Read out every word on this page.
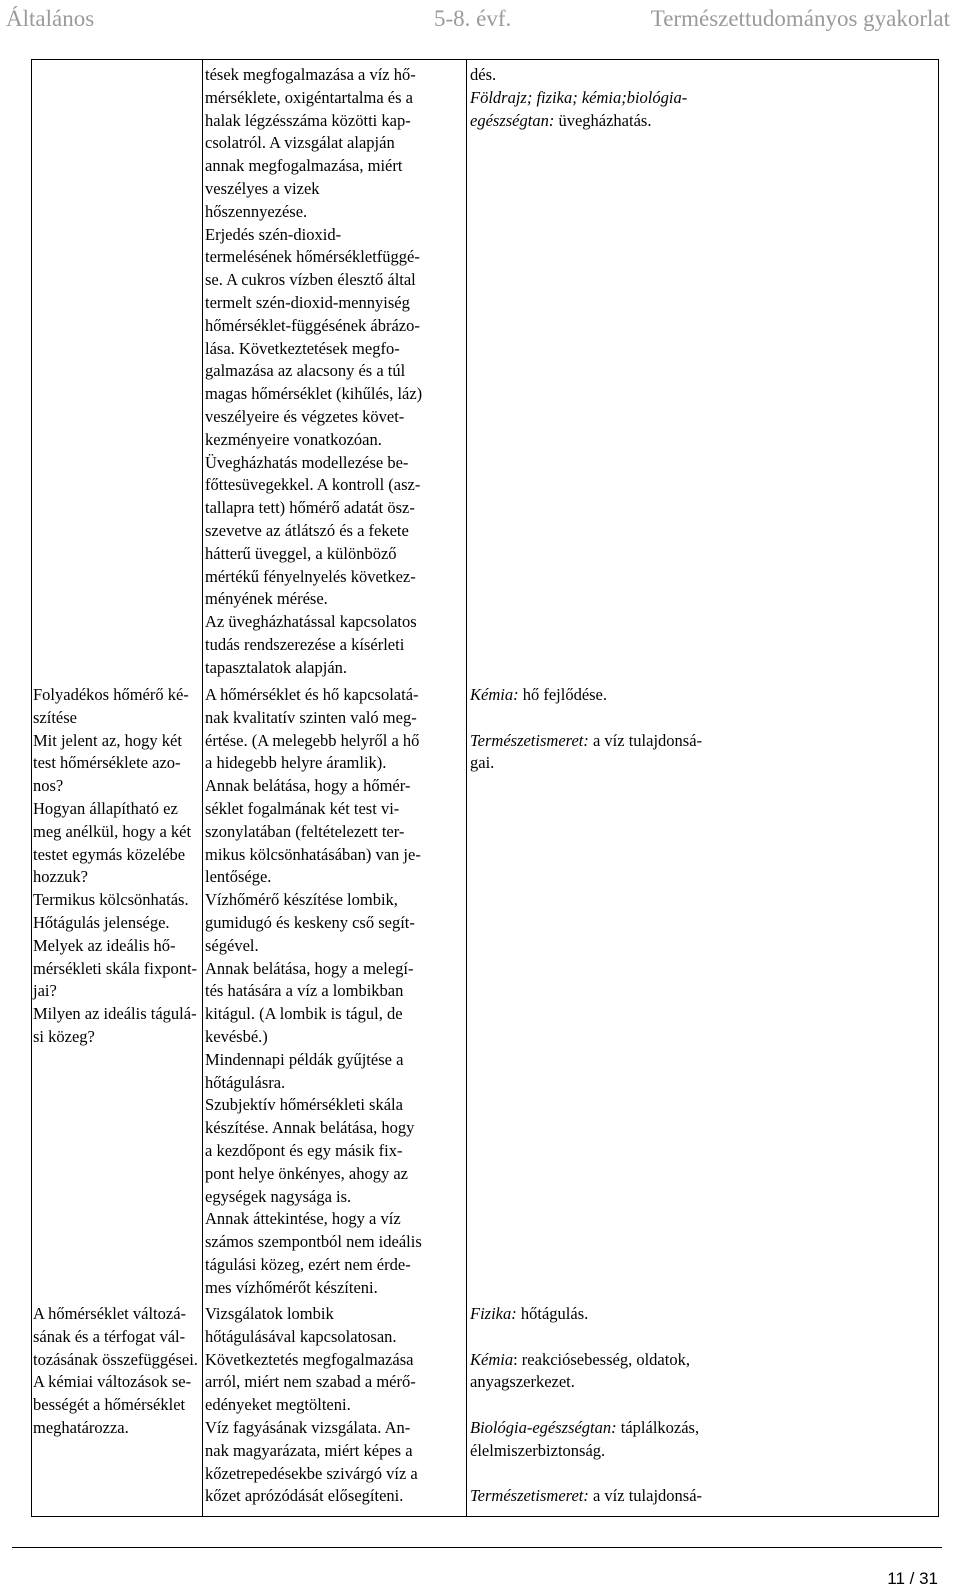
Általános	5-8. évf.	Természettudományos gyakorlat
Folyadékos hőmérő ké-
szítése
Mit jelent az, hogy két
test hőmérséklete azo-
nos?
Hogyan állapítható ez
meg anélkül, hogy a két
testet egymás közelébe
hozzuk?
Termikus kölcsönhatás.
Hőtágulás jelensége.
Melyek az ideális hő-
mérsékleti skála fixpont-
jai?
Milyen az ideális tágulá-
si közeg?
A hőmérséklet változá-
sának és a térfogat vál-
tozásának összefüggései.
A kémiai változások se-
bességét a hőmérséklet
meghatározza.
tések megfogalmazása a víz hő-
mérséklete, oxigéntartalma és a
halak légzésszáma közötti kap-
csolatról. A vizsgálat alapján
annak megfogalmazása, miért
veszélyes a vizek
hőszennyezése.
Erjedés szén-dioxid-
termelésének hőmérsékletfüggé-
se. A cukros vízben élesztő által
termelt szén-dioxid-mennyiség
hőmérséklet-függésének ábrázo-
lása. Következtetések megfo-
galmazása az alacsony és a túl
magas hőmérséklet (kihűlés, láz)
veszélyeire és végzetes követ-
kezményeire vonatkozóan.
Üvegházhatás modellezése be-
főttesüvegekkel. A kontroll (asz-
tallapra tett) hőmérő adatát ösz-
szevetve az átlátszó és a fekete
hátterű üveggel, a különböző
mértékű fényelnyelés következ-
ményének mérése.
Az üvegházhatással kapcsolatos
tudás rendszerezése a kísérleti
tapasztalatok alapján.
A hőmérséklet és hő kapcsolatá-
nak kvalitatív szinten való meg-
értése. (A melegebb helyről a hő
a hidegebb helyre áramlik).
Annak belátása, hogy a hőmér-
séklet fogalmának két test vi-
szonylatában (feltételezett ter-
mikus kölcsönhatásában) van je-
lentősége.
Vízhőmérő készítése lombik,
gumidugó és keskeny cső segít-
ségével.
Annak belátása, hogy a melegí-
tés hatására a víz a lombikban
kitágul. (A lombik is tágul, de
kevésbé.)
Mindennapi példák gyűjtése a
hőtágulásra.
Szubjektív hőmérsékleti skála
készítése. Annak belátása, hogy
a kezdőpont és egy másik fix-
pont helye önkényes, ahogy az
egységek nagysága is.
Annak áttekintése, hogy a víz
számos szempontból nem ideális
tágulási közeg, ezért nem érde-
mes vízhőmérőt készíteni.
Vizsgálatok lombik
hőtágulásával kapcsolatosan.
Következtetés megfogalmazása
arról, miért nem szabad a mérő-
edényeket megtölteni.
Víz fagyásának vizsgálata. An-
nak magyarázata, miért képes a
kőzetrepedésekbe szivárgó víz a
kőzet aprózódását elősegíteni.
dés.
Földrajz; fizika; kémia;biológia-
egészségtan: üvegházhatás.
Kémia: hő fejlődése.

Természetismeret: a víz tulajdonsá-
gai.
Fizika: hőtágulás.

Kémia: reakciósebesség, oldatok,
anyagszerkezet.

Biológia-egészségtan: táplálkozás,
élelmiszerbiztonság.

Természetismeret: a víz tulajdonsá-
11 / 31
